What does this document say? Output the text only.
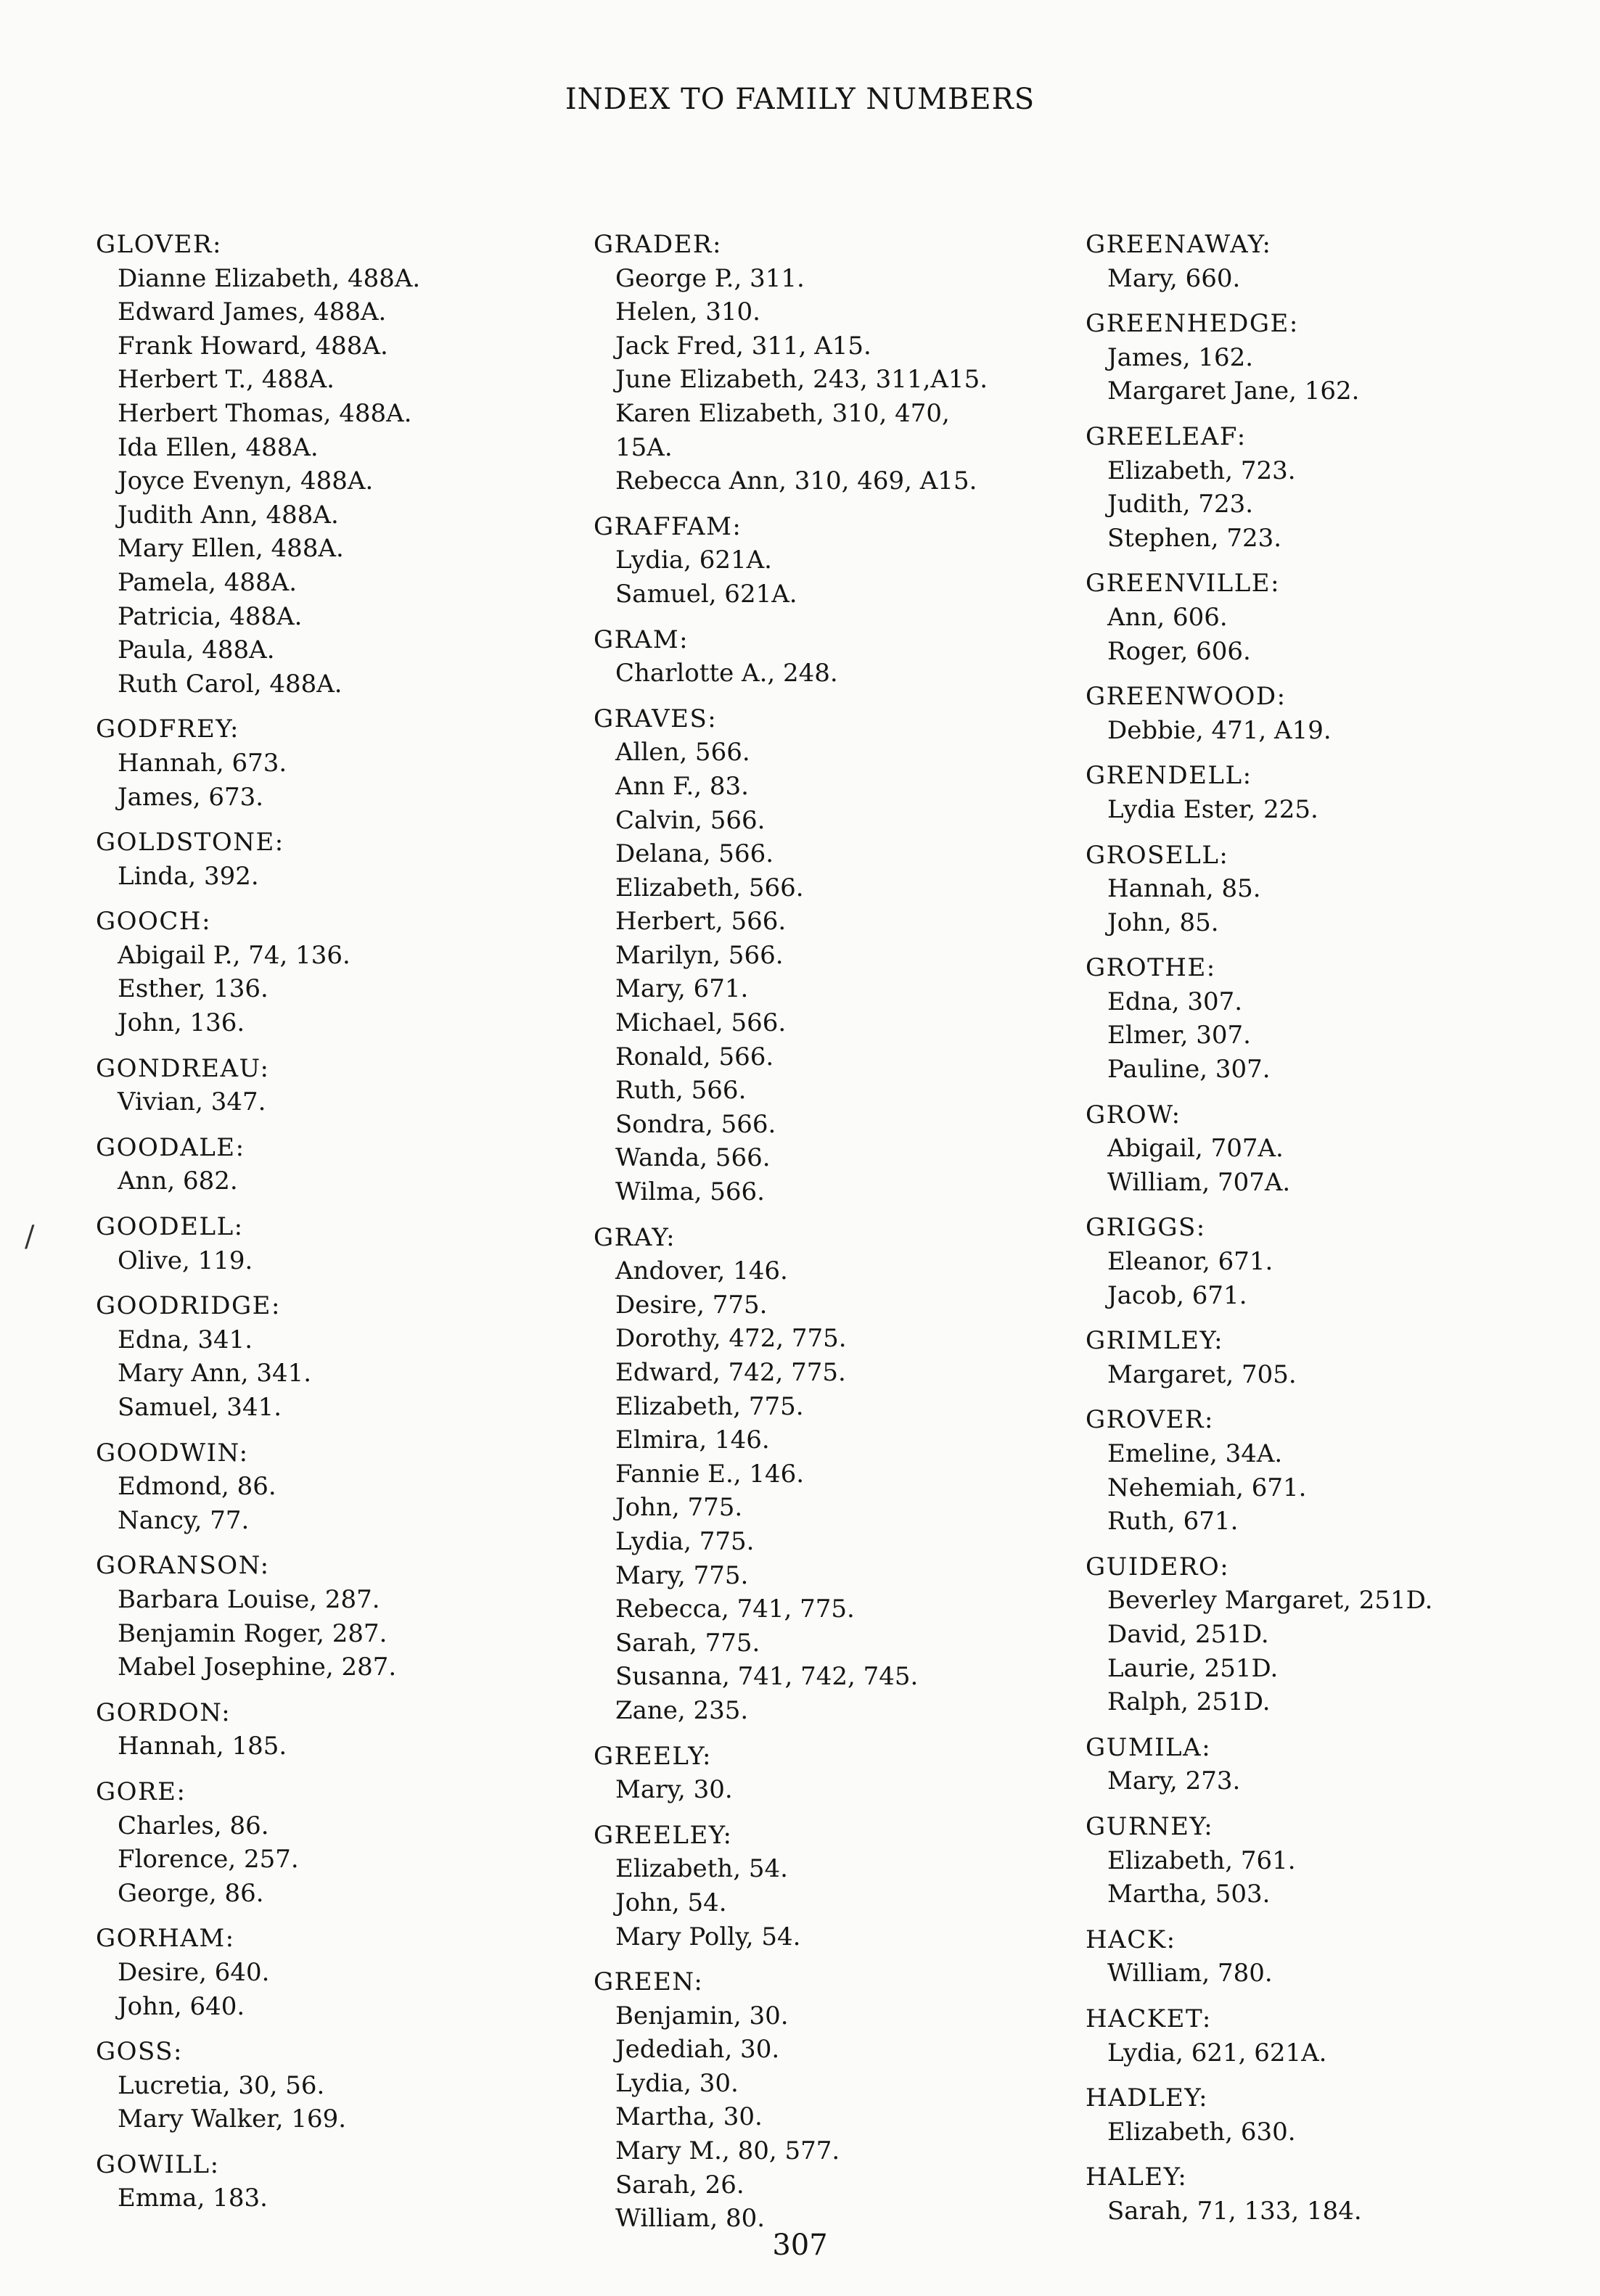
INDEX TO FAMILY NUMBERS
GLOVER:
Dianne Elizabeth, 488A.
Edward James, 488A.
Frank Howard, 488A.
Herbert T., 488A.
Herbert Thomas, 488A.
Ida Ellen, 488A.
Joyce Evenyn, 488A.
Judith Ann, 488A.
Mary Ellen, 488A.
Pamela, 488A.
Patricia, 488A.
Paula, 488A.
Ruth Carol, 488A.
GODFREY:
Hannah, 673.
James, 673.
GOLDSTONE:
Linda, 392.
GOOCH:
Abigail P., 74, 136.
Esther, 136.
John, 136.
GONDREAU:
Vivian, 347.
GOODALE:
Ann, 682.
GOODELL:
Olive, 119.
GOODRIDGE:
Edna, 341.
Mary Ann, 341.
Samuel, 341.
GOODWIN:
Edmond, 86.
Nancy, 77.
GORANSON:
Barbara Louise, 287.
Benjamin Roger, 287.
Mabel Josephine, 287.
GORDON:
Hannah, 185.
GORE:
Charles, 86.
Florence, 257.
George, 86.
GORHAM:
Desire, 640.
John, 640.
GOSS:
Lucretia, 30, 56.
Mary Walker, 169.
GOWILL:
Emma, 183.
GRADER:
George P., 311.
Helen, 310.
Jack Fred, 311, A15.
June Elizabeth, 243, 311,A15.
Karen Elizabeth, 310, 470,
15A.
Rebecca Ann, 310, 469, A15.
GRAFFAM:
Lydia, 621A.
Samuel, 621A.
GRAM:
Charlotte A., 248.
GRAVES:
Allen, 566.
Ann F., 83.
Calvin, 566.
Delana, 566.
Elizabeth, 566.
Herbert, 566.
Marilyn, 566.
Mary, 671.
Michael, 566.
Ronald, 566.
Ruth, 566.
Sondra, 566.
Wanda, 566.
Wilma, 566.
GRAY:
Andover, 146.
Desire, 775.
Dorothy, 472, 775.
Edward, 742, 775.
Elizabeth, 775.
Elmira, 146.
Fannie E., 146.
John, 775.
Lydia, 775.
Mary, 775.
Rebecca, 741, 775.
Sarah, 775.
Susanna, 741, 742, 745.
Zane, 235.
GREELY:
Mary, 30.
GREELEY:
Elizabeth, 54.
John, 54.
Mary Polly, 54.
GREEN:
Benjamin, 30.
Jedediah, 30.
Lydia, 30.
Martha, 30.
Mary M., 80, 577.
Sarah, 26.
William, 80.
GREENAWAY:
Mary, 660.
GREENHEDGE:
James, 162.
Margaret Jane, 162.
GREELEAF:
Elizabeth, 723.
Judith, 723.
Stephen, 723.
GREENVILLE:
Ann, 606.
Roger, 606.
GREENWOOD:
Debbie, 471, A19.
GRENDELL:
Lydia Ester, 225.
GROSELL:
Hannah, 85.
John, 85.
GROTHE:
Edna, 307.
Elmer, 307.
Pauline, 307.
GROW:
Abigail, 707A.
William, 707A.
GRIGGS:
Eleanor, 671.
Jacob, 671.
GRIMLEY:
Margaret, 705.
GROVER:
Emeline, 34A.
Nehemiah, 671.
Ruth, 671.
GUIDERO:
Beverley Margaret, 251D.
David, 251D.
Laurie, 251D.
Ralph, 251D.
GUMILA:
Mary, 273.
GURNEY:
Elizabeth, 761.
Martha, 503.
HACK:
William, 780.
HACKET:
Lydia, 621, 621A.
HADLEY:
Elizabeth, 630.
HALEY:
Sarah, 71, 133, 184.
/
307
